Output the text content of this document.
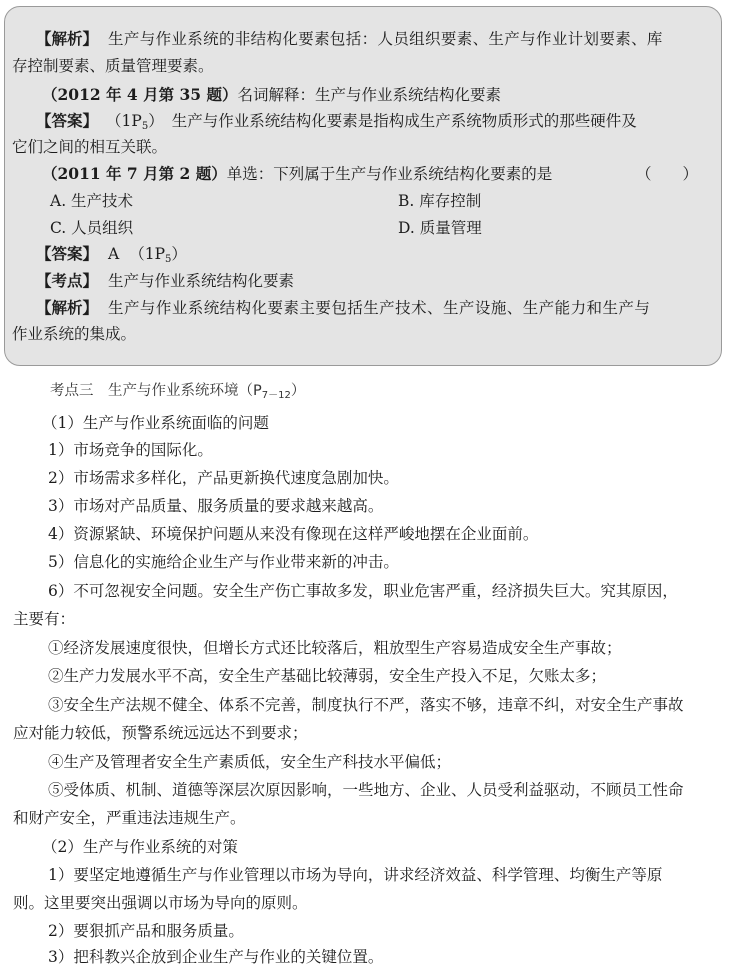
【解析】 生产与作业系统的非结构化要素包括：人员组织要素、生产与作业计划要素、库
存控制要素、质量管理要素。
（2012 年 4 月第 35 题）名词解释：生产与作业系统结构化要素
【答案】 $(1P_5)$ 生产与作业系统结构化要素是指构成生产系统物质形式的那些硬件及
它们之间的相互关联。
（2011 年 7 月第 2 题）单选：下列属于生产与作业系统结构化要素的是	（　　）
A. 生产技术	B. 库存控制
C. 人员组织	D. 质量管理
【答案】 A $(1P_5)$
【考点】 生产与作业系统结构化要素
【解析】 生产与作业系统结构化要素主要包括生产技术、生产设施、生产能力和生产与
作业系统的集成。
考点三　生产与作业系统环境$(P_{7-12})$
（1）生产与作业系统面临的问题
1）市场竞争的国际化。
2）市场需求多样化，产品更新换代速度急剧加快。
3）市场对产品质量、服务质量的要求越来越高。
4）资源紧缺、环境保护问题从来没有像现在这样严峻地摆在企业面前。
5）信息化的实施给企业生产与作业带来新的冲击。
6）不可忽视安全问题。安全生产伤亡事故多发，职业危害严重，经济损失巨大。究其原因，
主要有：
①经济发展速度很快，但增长方式还比较落后，粗放型生产容易造成安全生产事故；
②生产力发展水平不高，安全生产基础比较薄弱，安全生产投入不足，欠账太多；
③安全生产法规不健全、体系不完善，制度执行不严，落实不够，违章不纠，对安全生产事故
应对能力较低，预警系统远远达不到要求；
④生产及管理者安全生产素质低，安全生产科技水平偏低；
⑤受体质、机制、道德等深层次原因影响，一些地方、企业、人员受利益驱动，不顾员工性命
和财产安全，严重违法违规生产。
（2）生产与作业系统的对策
1）要坚定地遵循生产与作业管理以市场为导向，讲求经济效益、科学管理、均衡生产等原
则。这里要突出强调以市场为导向的原则。
2）要狠抓产品和服务质量。
3）把科教兴企放到企业生产与作业的关键位置。
